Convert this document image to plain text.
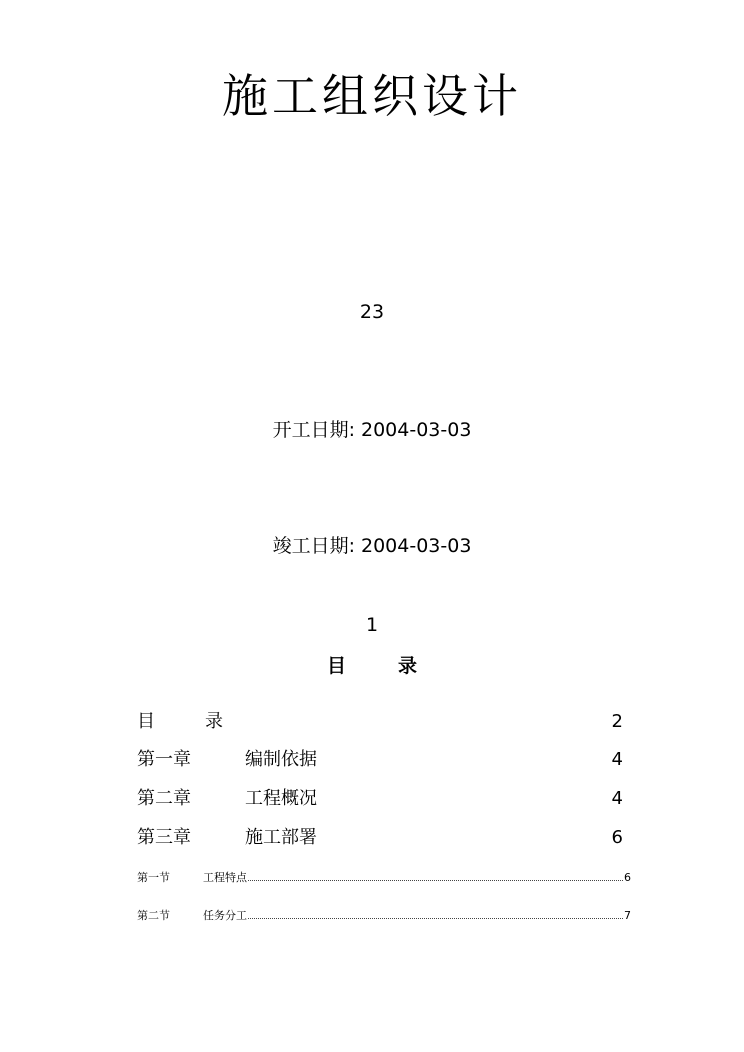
施工组织设计
23
开工日期: 2004-03-03
竣工日期: 2004-03-03
1
目	录
目	录	2
第一章	编制依据	4
第二章	工程概况	4
第三章	施工部署	6
第一节	工程特点	6
第二节	任务分工	7
